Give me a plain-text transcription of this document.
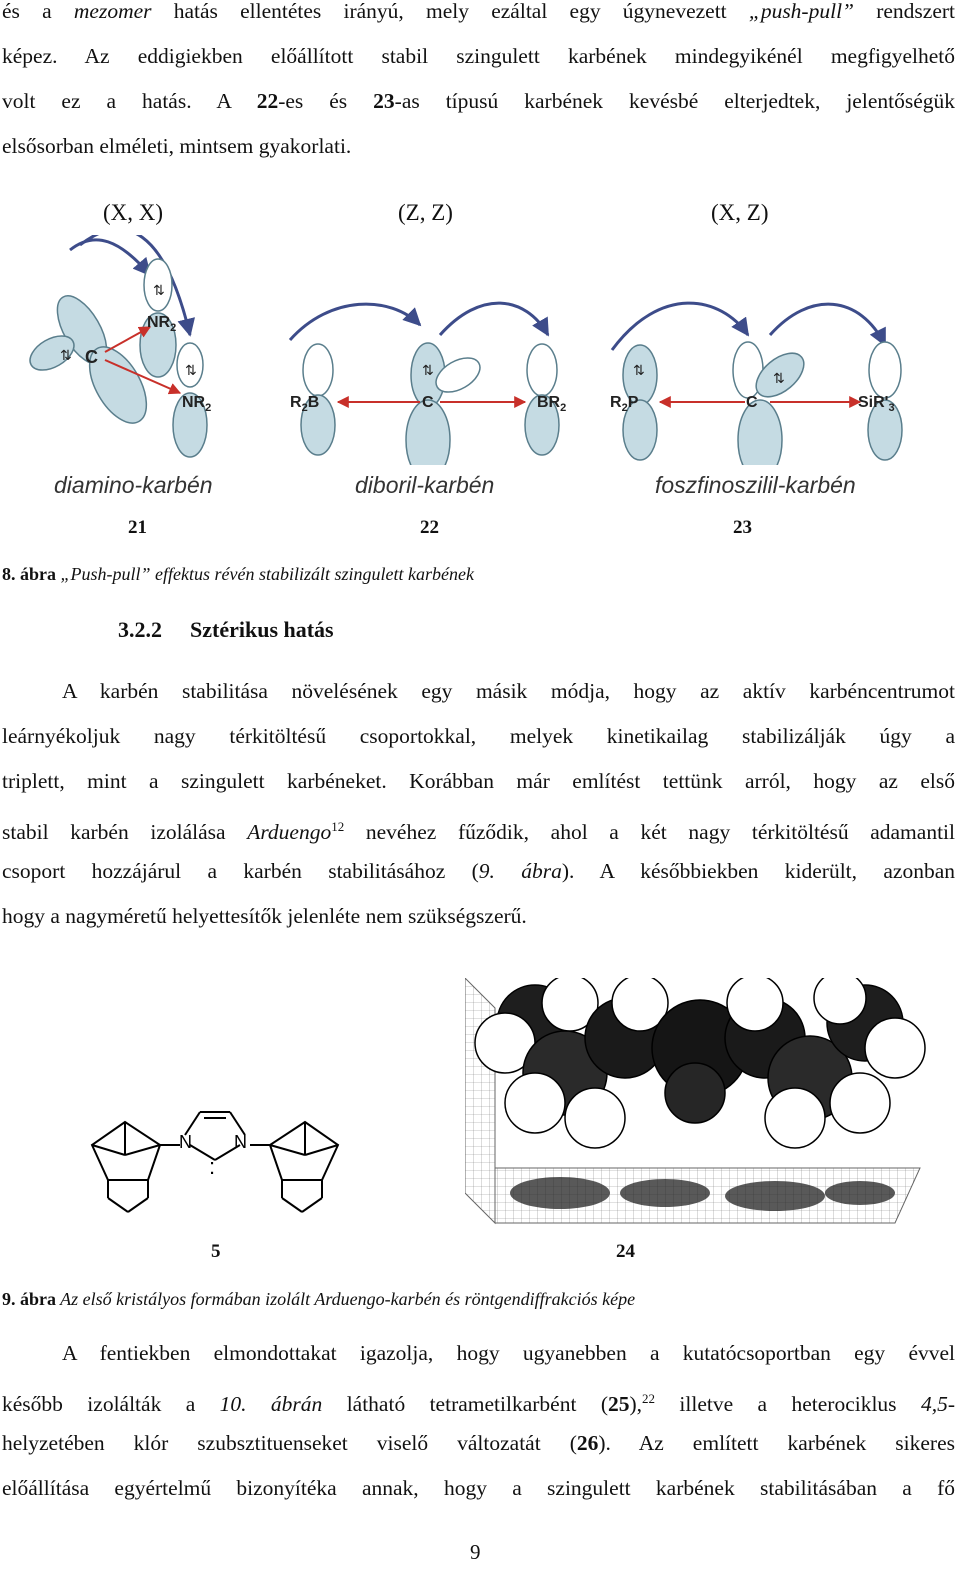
és a mezomer hatás ellentétes irányú, mely ezáltal egy úgynevezett „push-pull” rendszert
képez. Az eddigiekben előállított stabil szingulett karbének mindegyikénél megfigyelhető
volt ez a hatás. A 22-es és 23-as típusú karbének kevésbé elterjedtek, jelentőségük
elsősorban elméleti, mintsem gyakorlati.
(X, X)	(Z, Z)	(X, Z)
C
$NR_2$
$NR_2$
⇅
⇅
⇅
$R_2B$	C	$BR_2$
⇅
$R_2P$	C	$SiR'_3$
⇅	⇅
diamino-karbén	diboril-karbén	foszfinoszilil-karbén
21	22	23
8. ábra „Push-pull” effektus révén stabilizált szingulett karbének
3.2.2 Sztérikus hatás
A karbén stabilitása növelésének egy másik módja, hogy az aktív karbéncentrumot
leárnyékoljuk nagy térkitöltésű csoportokkal, melyek kinetikailag stabilizálják úgy a
triplett, mint a szingulett karbéneket. Korábban már említést tettünk arról, hogy az első
stabil karbén izolálása Arduengo$^{12}$ nevéhez fűződik, ahol a két nagy térkitöltésű adamantil
csoport hozzájárul a karbén stabilitásához (9. ábra). A későbbiekben kiderült, azonban
hogy a nagyméretű helyettesítők jelenléte nem szükségszerű.
N N
:
5	24
9. ábra Az első kristályos formában izolált Arduengo-karbén és röntgendiffrakciós képe
A fentiekben elmondottakat igazolja, hogy ugyanebben a kutatócsoportban egy évvel
később izolálták a 10. ábrán látható tetrametilkarbént (25),$^{22}$ illetve a heterociklus 4,5-
helyzetében klór szubsztituenseket viselő változatát (26). Az említett karbének sikeres
előállítása egyértelmű bizonyítéka annak, hogy a szingulett karbének stabilitásában a fő
9
